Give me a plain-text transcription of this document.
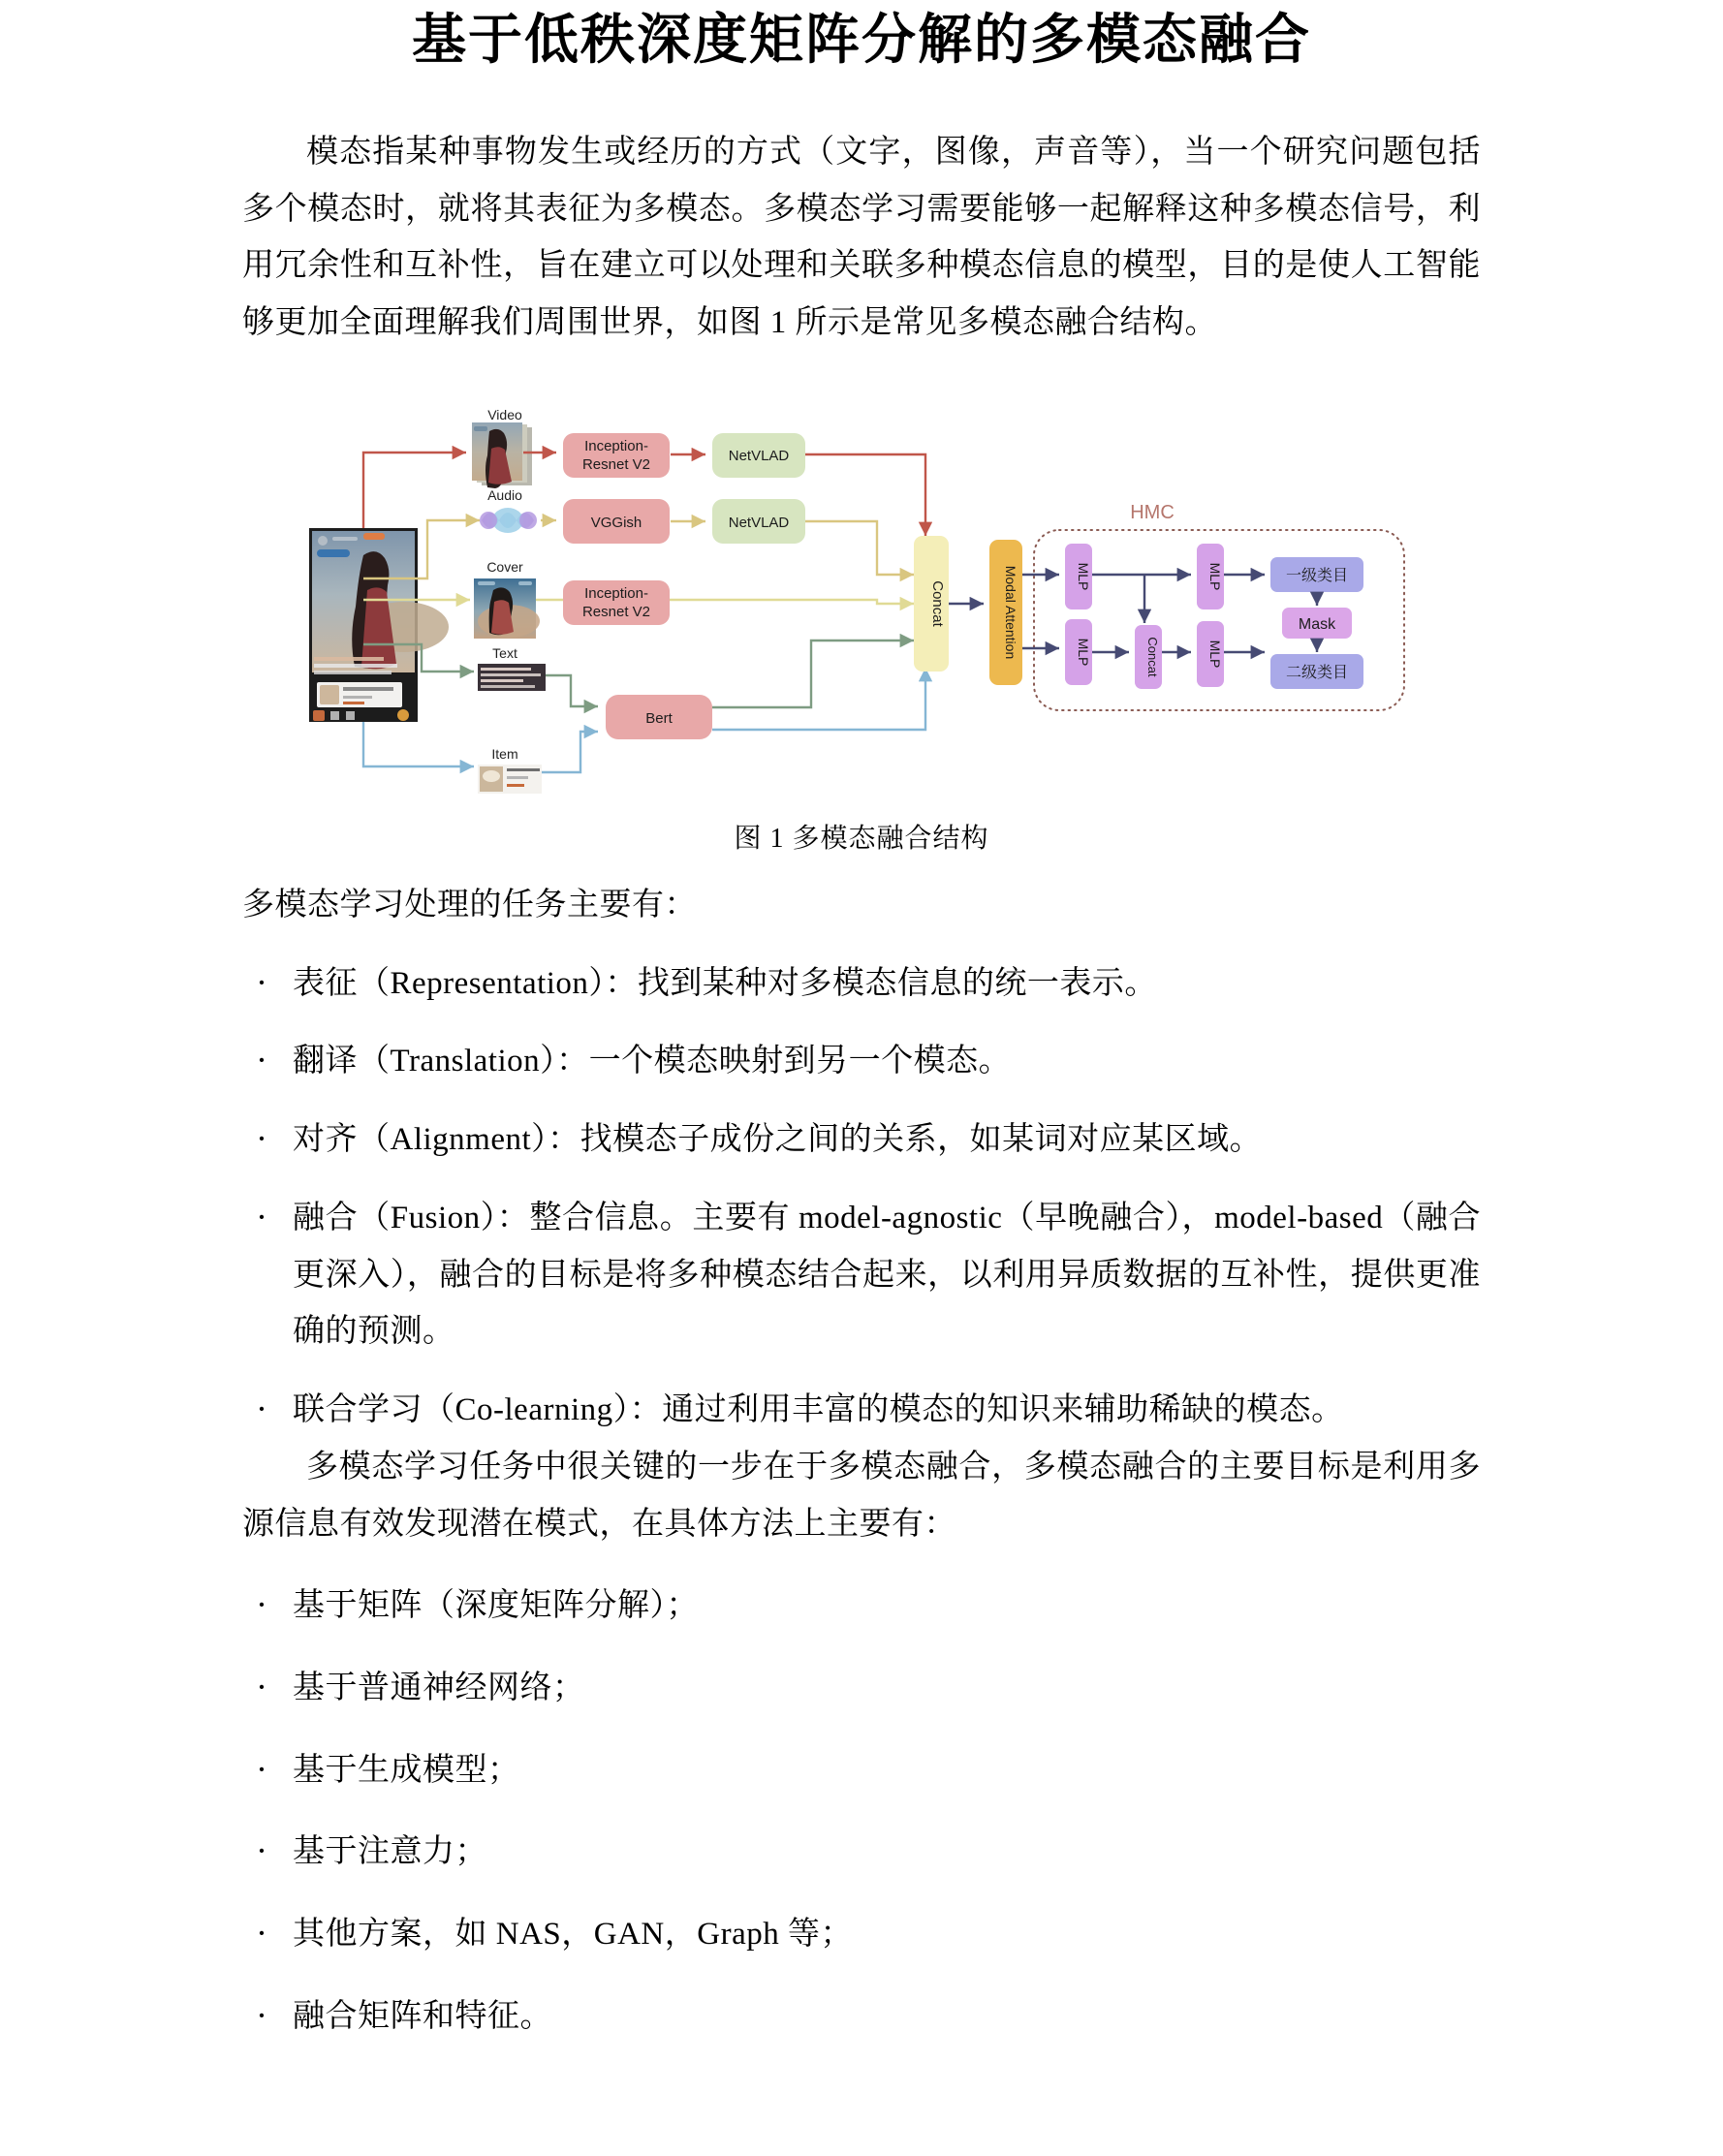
基于低秩深度矩阵分解的多模态融合

模态指某种事物发生或经历的方式（文字，图像，声音等），当一个研究问题包括多个模态时，就将其表征为多模态。多模态学习需要能够一起解释这种多模态信号，利用冗余性和互补性，旨在建立可以处理和关联多种模态信息的模型，目的是使人工智能够更加全面理解我们周围世界，如图 1 所示是常见多模态融合结构。

Video
Inception-
Resnet V2
NetVLAD
Audio
VGGish	NetVLAD
Cover
Inception-
Resnet V2
Text
Bert
Item
Concat	Modal Attention
HMC
MLP
MLP	Concat
MLP
MLP
一级类目
Mask
二级类目
图 1 多模态融合结构

多模态学习处理的任务主要有：

· 表征（Representation）：找到某种对多模态信息的统一表示。
· 翻译（Translation）：一个模态映射到另一个模态。
· 对齐（Alignment）：找模态子成份之间的关系，如某词对应某区域。
· 融合（Fusion）：整合信息。主要有 model-agnostic（早晚融合），model-based（融合更深入），融合的目标是将多种模态结合起来，以利用异质数据的互补性，提供更准确的预测。
· 联合学习（Co-learning）：通过利用丰富的模态的知识来辅助稀缺的模态。

多模态学习任务中很关键的一步在于多模态融合，多模态融合的主要目标是利用多源信息有效发现潜在模式，在具体方法上主要有：

· 基于矩阵（深度矩阵分解）；
· 基于普通神经网络；
· 基于生成模型；
· 基于注意力；
· 其他方案，如 NAS，GAN，Graph 等；
· 融合矩阵和特征。
